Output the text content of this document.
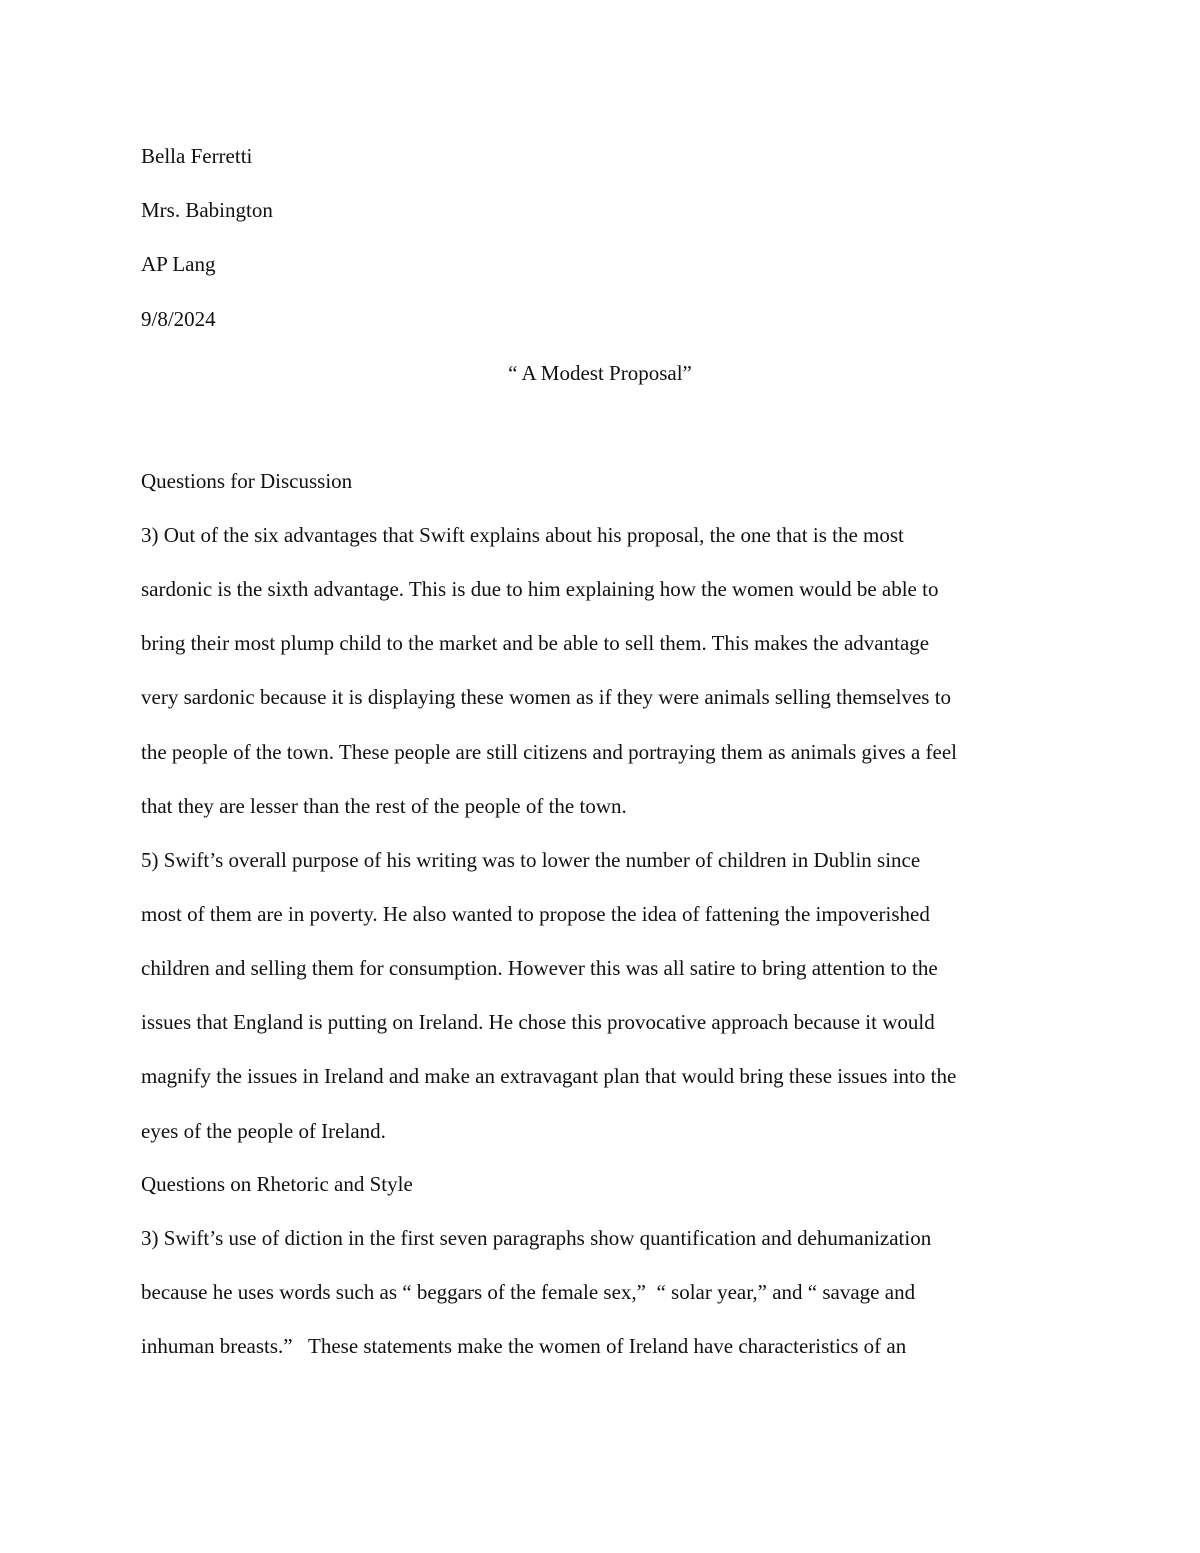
Bella Ferretti
Mrs. Babington
AP Lang
9/8/2024
“ A Modest Proposal”
Questions for Discussion
3) Out of the six advantages that Swift explains about his proposal, the one that is the most
sardonic is the sixth advantage. This is due to him explaining how the women would be able to
bring their most plump child to the market and be able to sell them. This makes the advantage
very sardonic because it is displaying these women as if they were animals selling themselves to
the people of the town. These people are still citizens and portraying them as animals gives a feel
that they are lesser than the rest of the people of the town.
5) Swift’s overall purpose of his writing was to lower the number of children in Dublin since
most of them are in poverty. He also wanted to propose the idea of fattening the impoverished
children and selling them for consumption. However this was all satire to bring attention to the
issues that England is putting on Ireland. He chose this provocative approach because it would
magnify the issues in Ireland and make an extravagant plan that would bring these issues into the
eyes of the people of Ireland.
Questions on Rhetoric and Style
3) Swift’s use of diction in the first seven paragraphs show quantification and dehumanization
because he uses words such as “ beggars of the female sex,”  “ solar year,” and “ savage and
inhuman breasts.”   These statements make the women of Ireland have characteristics of an
